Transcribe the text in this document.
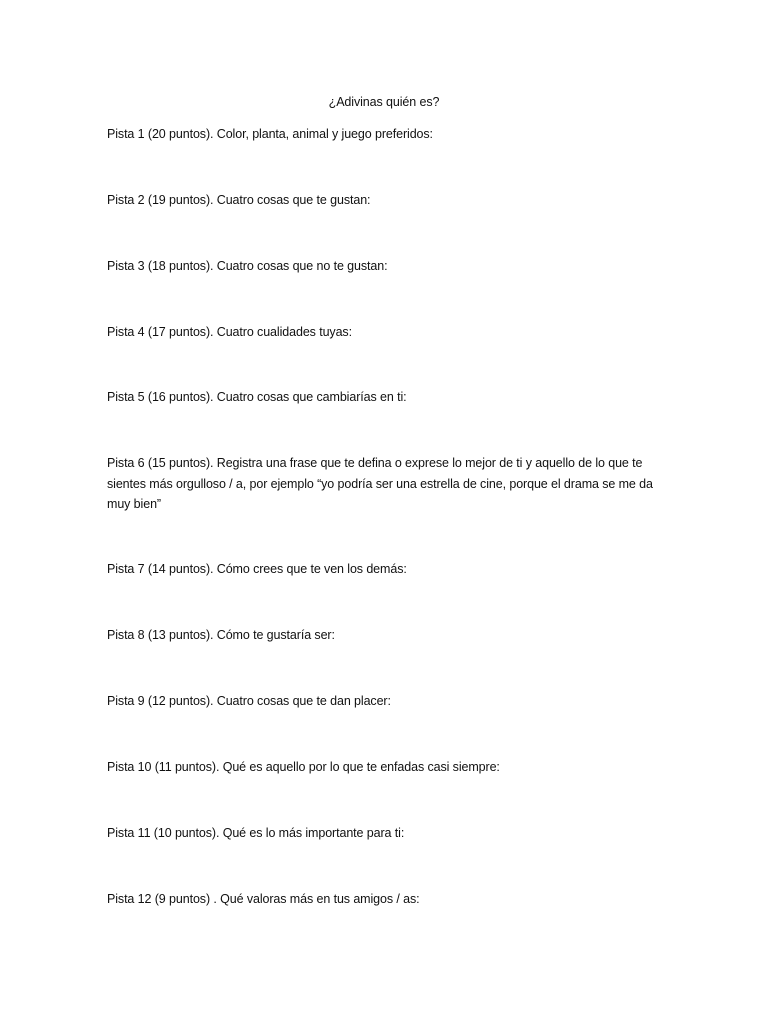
¿Adivinas quién es?
Pista 1 (20 puntos). Color, planta, animal y juego preferidos:
Pista 2 (19 puntos). Cuatro cosas que te gustan:
Pista 3 (18 puntos). Cuatro cosas que no te gustan:
Pista 4 (17 puntos). Cuatro cualidades tuyas:
Pista 5 (16 puntos). Cuatro cosas que cambiarías en ti:
Pista 6 (15 puntos). Registra una frase que te defina o exprese lo mejor de ti y aquello de lo que te sientes más orgulloso / a, por ejemplo “yo podría ser una estrella de cine, porque el drama se me da muy bien”
Pista 7 (14 puntos). Cómo crees que te ven los demás:
Pista 8 (13 puntos). Cómo te gustaría ser:
Pista 9 (12 puntos). Cuatro cosas que te dan placer:
Pista 10 (11 puntos). Qué es aquello por lo que te enfadas casi siempre:
Pista 11 (10 puntos). Qué es lo más importante para ti:
Pista 12 (9 puntos) . Qué valoras más en tus amigos / as:
